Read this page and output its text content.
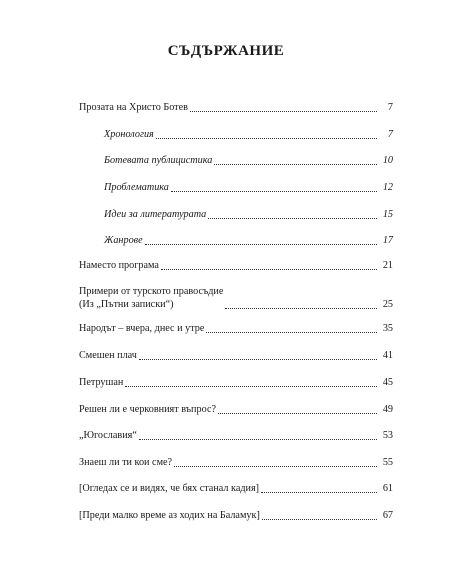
СЪДЪРЖАНИЕ
Прозата на Христо Ботев	7
Хронология	7
Ботевата публицистика	10
Проблематика	12
Идеи за литературата	15
Жанрове	17
Наместо програма	21
Примери от турското правосъдие
(Из „Пътни записки“)	25
Народът – вчера, днес и утре	35
Смешен плач	41
Петрушан	45
Решен ли е черковният въпрос?	49
„Югославия“	53
Знаеш ли ти кои сме?	55
[Огледах се и видях, че бях станал кадия]	61
[Преди малко време аз ходих на Баламук]	67
